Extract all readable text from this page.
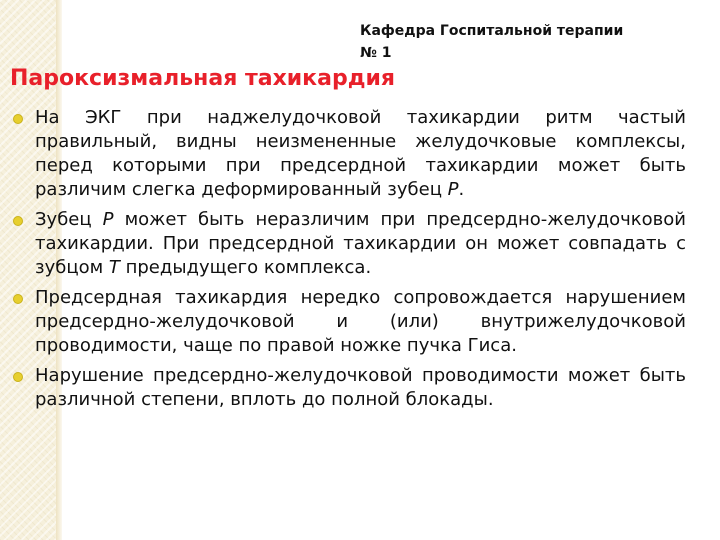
Кафедра Госпитальной терапии
№ 1
Пароксизмальная тахикардия
На ЭКГ при наджелудочковой тахикардии ритм частый правильный, видны неизмененные желудочковые комплексы, перед которыми при предсердной тахикардии может быть различим слегка деформированный зубец Р.
Зубец Р может быть неразличим при предсердно-желудочковой тахикардии. При предсердной тахикардии он может совпадать с зубцом Т предыдущего комплекса.
Предсердная тахикардия нередко сопровождается нарушением предсердно-желудочковой и (или) внутрижелудочковой проводимости, чаще по правой ножке пучка Гиса.
Нарушение предсердно-желудочковой проводимости может быть различной степени, вплоть до полной блокады.
